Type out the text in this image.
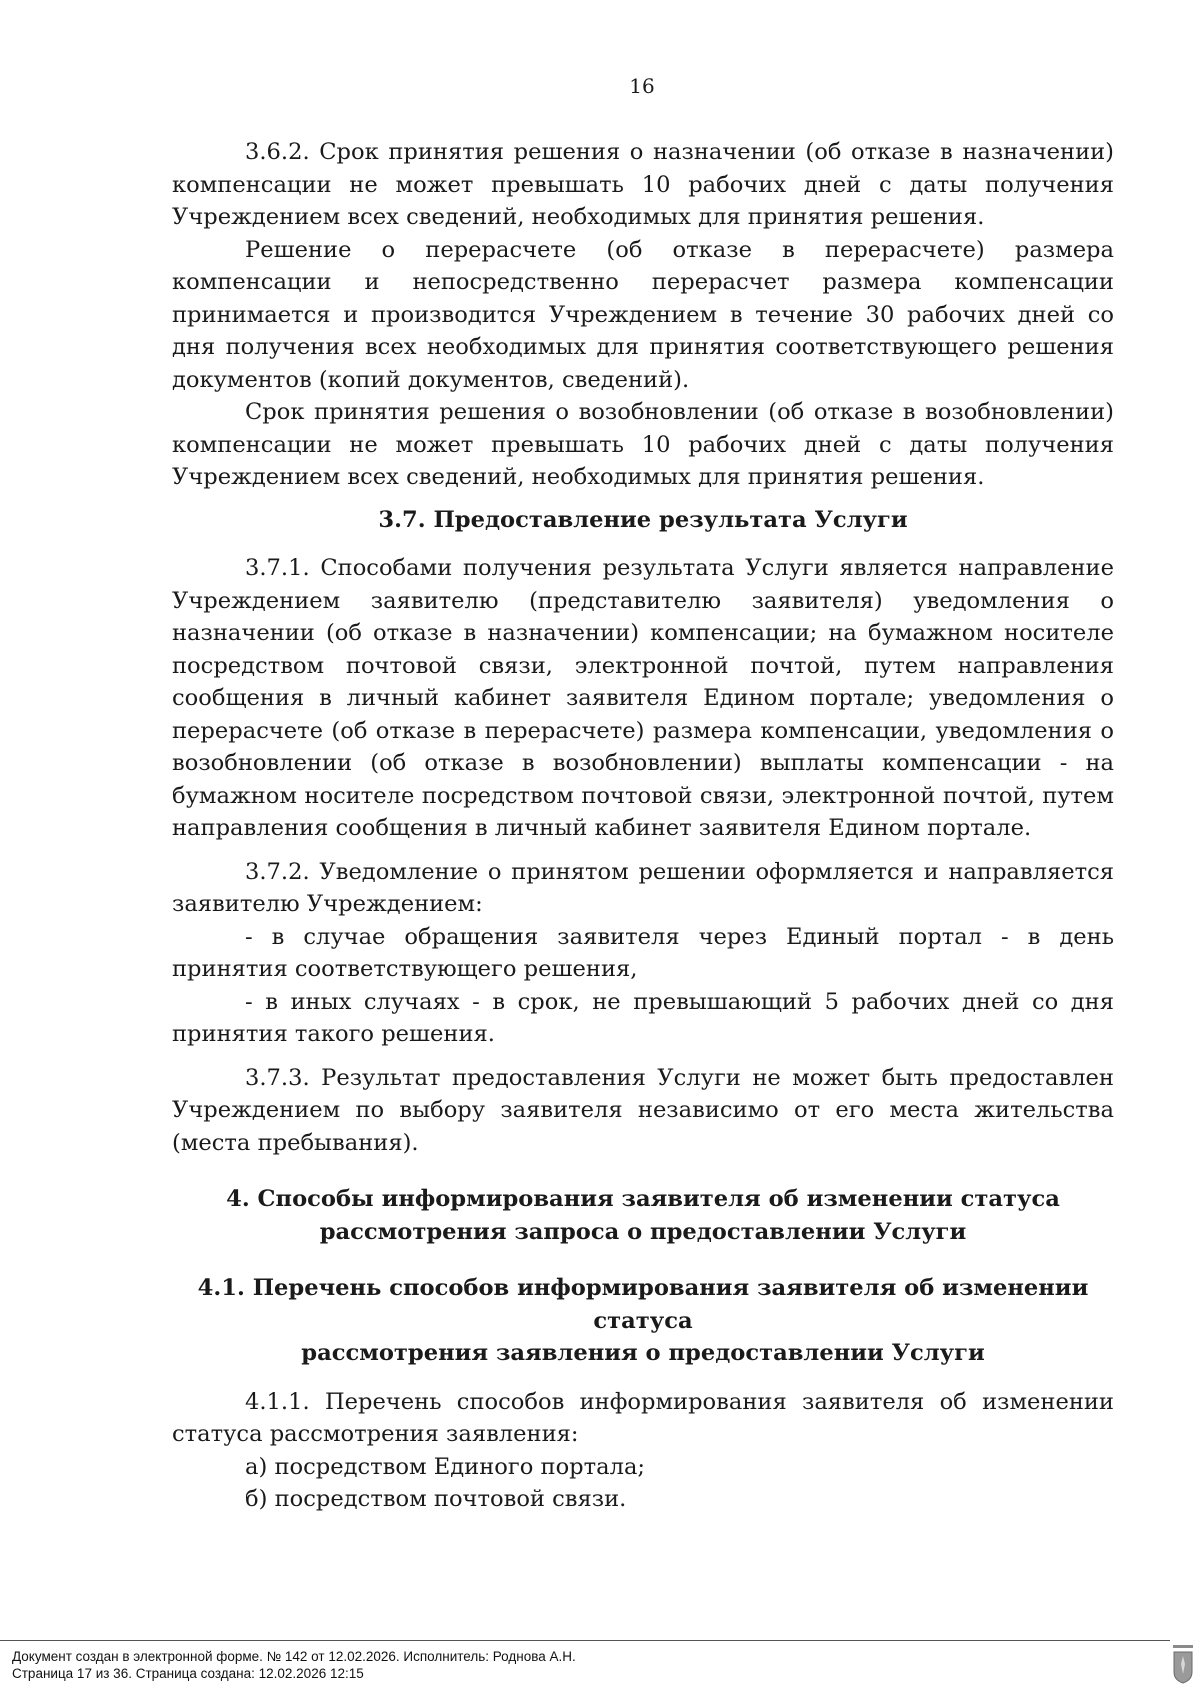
16

3.6.2. Срок принятия решения о назначении (об отказе в назначении) компенсации не может превышать 10 рабочих дней с даты получения Учреждением всех сведений, необходимых для принятия решения.

Решение о перерасчете (об отказе в перерасчете) размера компенсации и непосредственно перерасчет размера компенсации принимается и производится Учреждением в течение 30 рабочих дней со дня получения всех необходимых для принятия соответствующего решения документов (копий документов, сведений).

Срок принятия решения о возобновлении (об отказе в возобновлении) компенсации не может превышать 10 рабочих дней с даты получения Учреждением всех сведений, необходимых для принятия решения.

3.7. Предоставление результата Услуги

3.7.1. Способами получения результата Услуги является направление Учреждением заявителю (представителю заявителя) уведомления о назначении (об отказе в назначении) компенсации; на бумажном носителе посредством почтовой связи, электронной почтой, путем направления сообщения в личный кабинет заявителя Едином портале; уведомления о перерасчете (об отказе в перерасчете) размера компенсации, уведомления о возобновлении (об отказе в возобновлении) выплаты компенсации - на бумажном носителе посредством почтовой связи, электронной почтой, путем направления сообщения в личный кабинет заявителя Едином портале.

3.7.2. Уведомление о принятом решении оформляется и направляется заявителю Учреждением:

- в случае обращения заявителя через Единый портал - в день принятия соответствующего решения,

- в иных случаях - в срок, не превышающий 5 рабочих дней со дня принятия такого решения.

3.7.3. Результат предоставления Услуги не может быть предоставлен Учреждением по выбору заявителя независимо от его места жительства (места пребывания).

4. Способы информирования заявителя об изменении статуса
рассмотрения запроса о предоставлении Услуги
4.1. Перечень способов информирования заявителя об изменении статуса
рассмотрения заявления о предоставлении Услуги

4.1.1. Перечень способов информирования заявителя об изменении статуса рассмотрения заявления:

а) посредством Единого портала;

б) посредством почтовой связи.

Документ создан в электронной форме. № 142 от 12.02.2026. Исполнитель: Роднова А.Н.
Страница 17 из 36. Страница создана: 12.02.2026 12:15
